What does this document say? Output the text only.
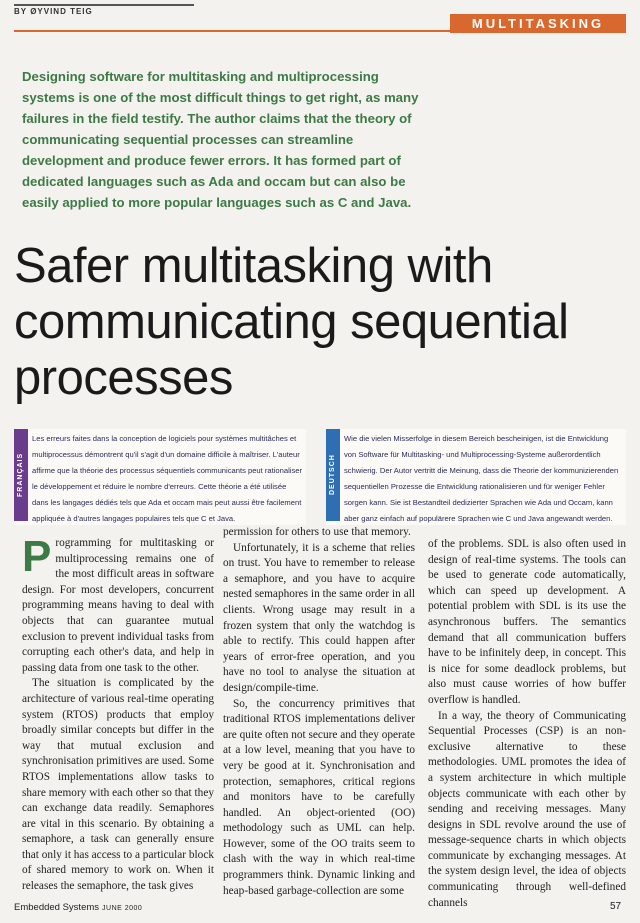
BY ØYVIND TEIG
MULTITASKING

Designing software for multitasking and multiprocessing systems is one of the most difficult things to get right, as many failures in the field testify. The author claims that the theory of communicating sequential processes can streamline development and produce fewer errors. It has formed part of dedicated languages such as Ada and occam but can also be easily applied to more popular languages such as C and Java.

Safer multitasking with communicating sequential processes
FRANÇAIS
Les erreurs faites dans la conception de logiciels pour systèmes multitâches et multiprocessus démontrent qu'il s'agit d'un domaine difficile à maîtriser. L'auteur affirme que la théorie des processus séquentiels communicants peut rationaliser le développement et réduire le nombre d'erreurs. Cette théorie a été utilisée dans les langages dédiés tels que Ada et occam mais peut aussi être facilement appliquée à d'autres langages populaires tels que C et Java.
DEUTSCH
Wie die vielen Misserfolge in diesem Bereich bescheinigen, ist die Entwicklung von Software für Multitasking- und Multiprocessing-Systeme außerordentlich schwierig. Der Autor vertritt die Meinung, dass die Theorie der kommunizierenden sequentiellen Prozesse die Entwicklung rationalisieren und für weniger Fehler sorgen kann. Sie ist Bestandteil dedizierter Sprachen wie Ada und Occam, kann aber ganz einfach auf populärere Sprachen wie C und Java angewandt werden.

Programming for multitasking or multiprocessing remains one of the most difficult areas in software design. For most developers, concurrent programming means having to deal with objects that can guarantee mutual exclusion to prevent individual tasks from corrupting each other's data, and help in passing data from one task to the other.

The situation is complicated by the architecture of various real-time operating system (RTOS) products that employ broadly similar concepts but differ in the way that mutual exclusion and synchronisation primitives are used. Some RTOS implementations allow tasks to share memory with each other so that they can exchange data readily. Semaphores are vital in this scenario. By obtaining a semaphore, a task can generally ensure that only it has access to a particular block of shared memory to work on. When it releases the semaphore, the task gives

permission for others to use that memory.

Unfortunately, it is a scheme that relies on trust. You have to remember to release a semaphore, and you have to acquire nested semaphores in the same order in all clients. Wrong usage may result in a frozen system that only the watchdog is able to rectify. This could happen after years of error-free operation, and you have no tool to analyse the situation at design/compile-time.

So, the concurrency primitives that traditional RTOS implementations deliver are quite often not secure and they operate at a low level, meaning that you have to very be good at it. Synchronisation and protection, semaphores, critical regions and monitors have to be carefully handled. An object-oriented (OO) methodology such as UML can help. However, some of the OO traits seem to clash with the way in which real-time programmers think. Dynamic linking and heap-based garbage-collection are some

of the problems. SDL is also often used in design of real-time systems. The tools can be used to generate code automatically, which can speed up development. A potential problem with SDL is its use the asynchronous buffers. The semantics demand that all communication buffers have to be infinitely deep, in concept. This is nice for some deadlock problems, but also must cause worries of how buffer overflow is handled.

In a way, the theory of Communicating Sequential Processes (CSP) is an non-exclusive alternative to these methodologies. UML promotes the idea of a system architecture in which multiple objects communicate with each other by sending and receiving messages. Many designs in SDL revolve around the use of message-sequence charts in which objects communicate by exchanging messages. At the system design level, the idea of objects communicating through well-defined channels

Embedded Systems JUNE 2000	57
